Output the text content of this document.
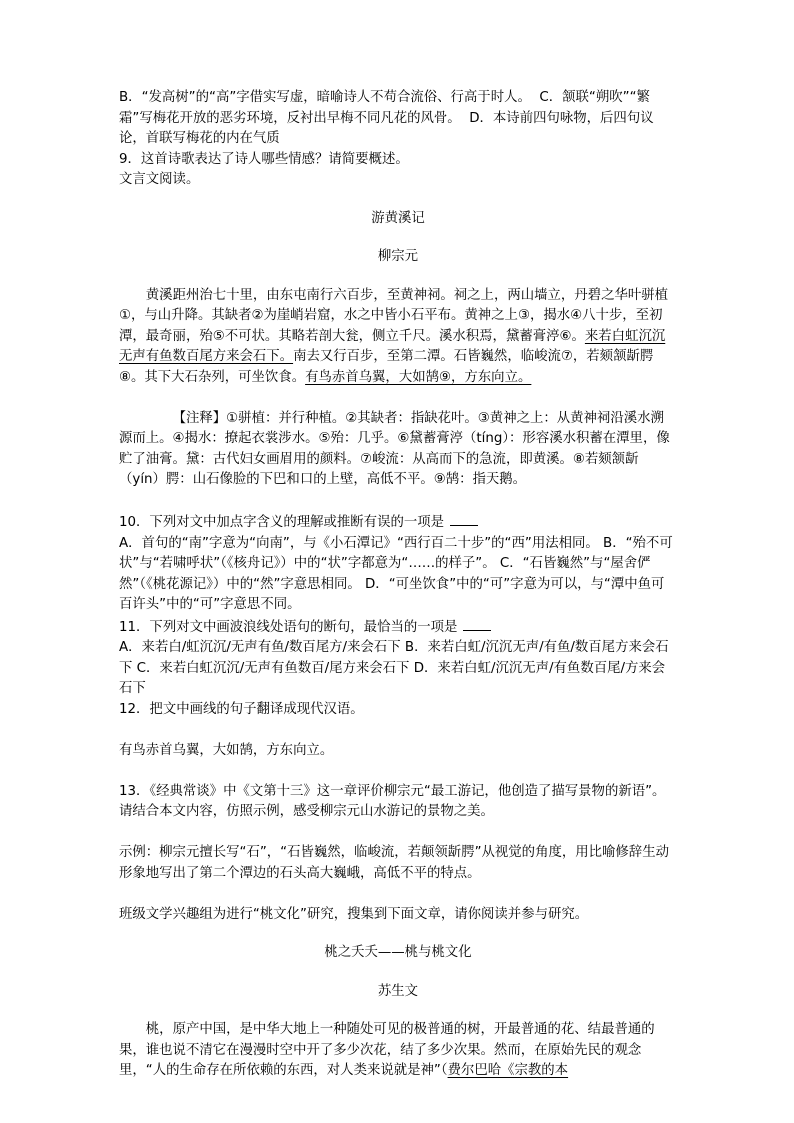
B．“发高树”的“高”字借实写虚，暗喻诗人不苟合流俗、行高于时人。 C．颔联“朔吹”“繁霜”写梅花开放的恶劣环境，反衬出早梅不同凡花的风骨。 D．本诗前四句咏物，后四句议论，首联写梅花的内在气质

9．这首诗歌表达了诗人哪些情感？请简要概述。

文言文阅读。

游黄溪记

柳宗元

黄溪距州治七十里，由东屯南行六百步，至黄神祠。祠之上，两山墙立，丹碧之华叶骈植①，与山升降。其缺者②为崖峭岩窟，水之中皆小石平布。黄神之上③，揭水④八十步，至初潭，最奇丽，殆⑤不可状。其略若剖大瓮，侧立千尺。溪水积焉，黛蓄膏渟⑥。来若白虹沉沉无声有鱼数百尾方来会石下。南去又行百步，至第二潭。石皆巍然，临峻流⑦，若颏颔龂腭⑧。其下大石杂列，可坐饮食。有鸟赤首乌翼，大如鹄⑨，方东向立。

【注释】①骈植：并行种植。②其缺者：指缺花叶。③黄神之上：从黄神祠沿溪水溯源而上。④揭水：撩起衣裳涉水。⑤殆：几乎。⑥黛蓄膏渟（tíng）：形容溪水积蓄在潭里，像贮了油膏。黛：古代妇女画眉用的颜料。⑦峻流：从高而下的急流，即黄溪。⑧若颏颔龂（yín）腭：山石像脸的下巴和口的上壁，高低不平。⑨鹄：指天鹅。

10．下列对文中加点字含义的理解或推断有误的一项是

A．首句的“南”字意为“向南”，与《小石潭记》“西行百二十步”的“西”用法相同。 B．“殆不可状”与“若啸呼状”（《核舟记》）中的“状”字都意为“……的样子”。 C．“石皆巍然”与“屋舍俨然”（《桃花源记》）中的“然”字意思相同。 D．“可坐饮食”中的“可”字意为可以，与“潭中鱼可百许头”中的“可”字意思不同。

11．下列对文中画波浪线处语句的断句，最恰当的一项是

A．来若白/虹沉沉/无声有鱼/数百尾方/来会石下 B．来若白虹/沉沉无声/有鱼/数百尾方来会石下 C．来若白虹沉沉/无声有鱼数百/尾方来会石下 D．来若白虹/沉沉无声/有鱼数百尾/方来会石下

12．把文中画线的句子翻译成现代汉语。

有鸟赤首乌翼，大如鹄，方东向立。

13．《经典常谈》中《文第十三》这一章评价柳宗元“最工游记，他创造了描写景物的新语”。请结合本文内容，仿照示例，感受柳宗元山水游记的景物之美。

示例：柳宗元擅长写“石”，“石皆巍然，临峻流，若颠领龂腭”从视觉的角度，用比喻修辞生动形象地写出了第二个潭边的石头高大巍峨，高低不平的特点。

班级文学兴趣组为进行“桃文化”研究，搜集到下面文章，请你阅读并参与研究。

桃之夭夭——桃与桃文化

苏生文

桃，原产中国，是中华大地上一种随处可见的极普通的树，开最普通的花、结最普通的果，谁也说不清它在漫漫时空中开了多少次花，结了多少次果。然而，在原始先民的观念里，“人的生命存在所依赖的东西，对人类来说就是神”（费尔巴哈《宗教的本
